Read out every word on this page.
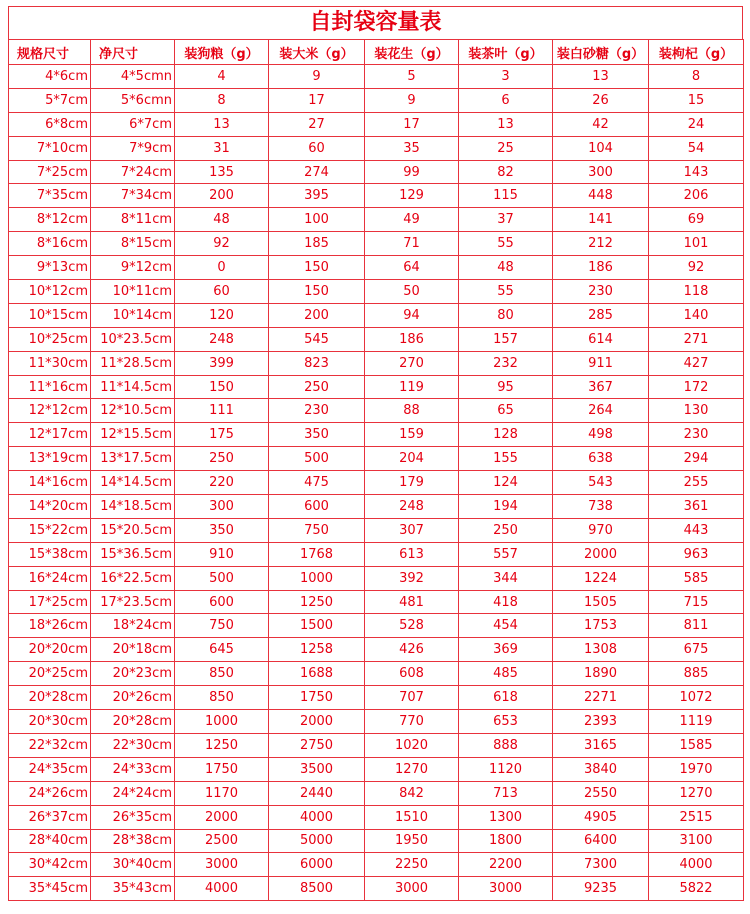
自封袋容量表
规格尺寸	净尺寸	装狗粮（g）	装大米（g）	装花生（g）	装茶叶（g）	装白砂糖（g）	装枸杞（g）
4*6cm	4*5cmn	4	9	5	3	13	8
5*7cm	5*6cmn	8	17	9	6	26	15
6*8cm	6*7cm	13	27	17	13	42	24
7*10cm	7*9cm	31	60	35	25	104	54
7*25cm	7*24cm	135	274	99	82	300	143
7*35cm	7*34cm	200	395	129	115	448	206
8*12cm	8*11cm	48	100	49	37	141	69
8*16cm	8*15cm	92	185	71	55	212	101
9*13cm	9*12cm	0	150	64	48	186	92
10*12cm	10*11cm	60	150	50	55	230	118
10*15cm	10*14cm	120	200	94	80	285	140
10*25cm	10*23.5cm	248	545	186	157	614	271
11*30cm	11*28.5cm	399	823	270	232	911	427
11*16cm	11*14.5cm	150	250	119	95	367	172
12*12cm	12*10.5cm	111	230	88	65	264	130
12*17cm	12*15.5cm	175	350	159	128	498	230
13*19cm	13*17.5cm	250	500	204	155	638	294
14*16cm	14*14.5cm	220	475	179	124	543	255
14*20cm	14*18.5cm	300	600	248	194	738	361
15*22cm	15*20.5cm	350	750	307	250	970	443
15*38cm	15*36.5cm	910	1768	613	557	2000	963
16*24cm	16*22.5cm	500	1000	392	344	1224	585
17*25cm	17*23.5cm	600	1250	481	418	1505	715
18*26cm	18*24cm	750	1500	528	454	1753	811
20*20cm	20*18cm	645	1258	426	369	1308	675
20*25cm	20*23cm	850	1688	608	485	1890	885
20*28cm	20*26cm	850	1750	707	618	2271	1072
20*30cm	20*28cm	1000	2000	770	653	2393	1119
22*32cm	22*30cm	1250	2750	1020	888	3165	1585
24*35cm	24*33cm	1750	3500	1270	1120	3840	1970
24*26cm	24*24cm	1170	2440	842	713	2550	1270
26*37cm	26*35cm	2000	4000	1510	1300	4905	2515
28*40cm	28*38cm	2500	5000	1950	1800	6400	3100
30*42cm	30*40cm	3000	6000	2250	2200	7300	4000
35*45cm	35*43cm	4000	8500	3000	3000	9235	5822
